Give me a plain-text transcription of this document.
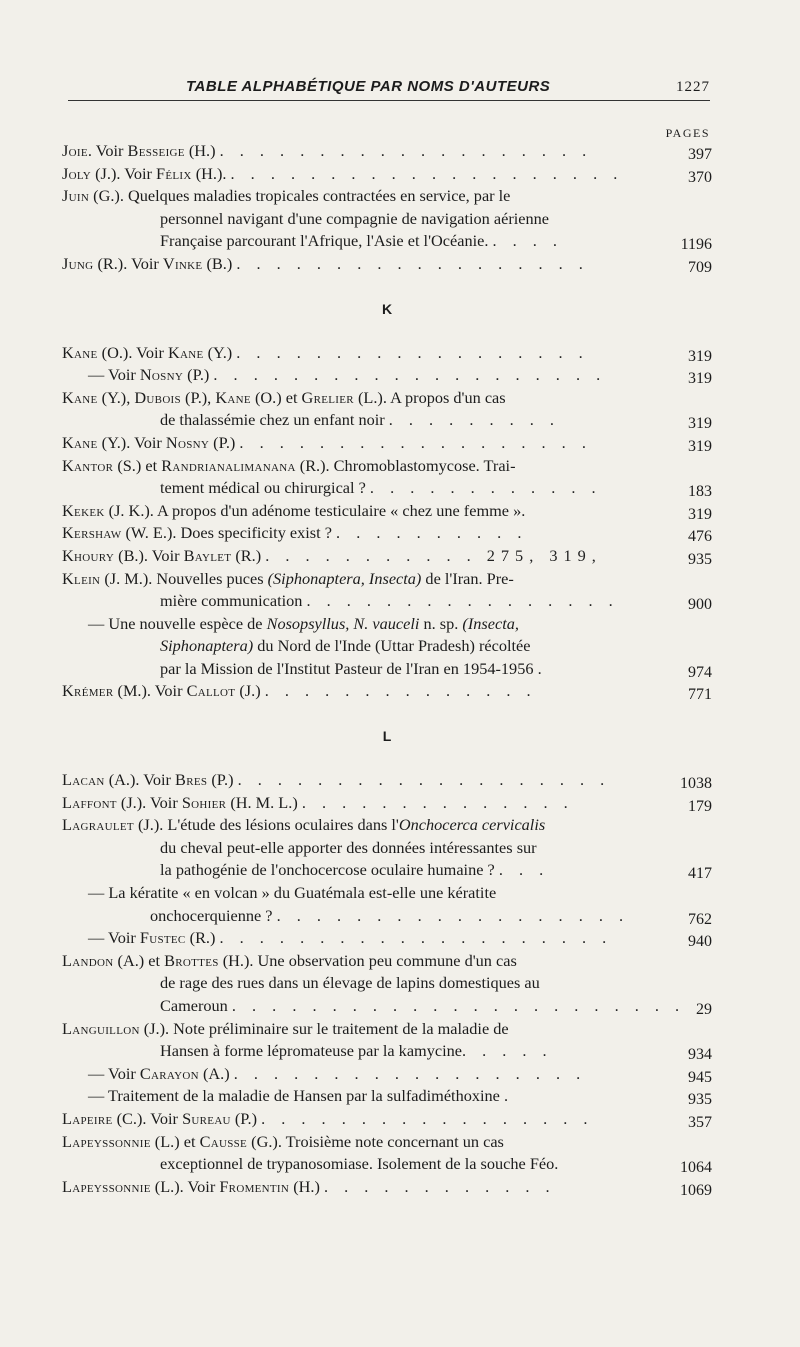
TABLE ALPHABÉTIQUE PAR NOMS D'AUTEURS	1227
PAGES
Joie. Voir Besseige (H.) . . . . . . . . . . . . . . . . . . .	397
Joly (J.). Voir Félix (H.). . . . . . . . . . . . . . . . . . . . .	370
Juin (G.). Quelques maladies tropicales contractées en service, par le
personnel navigant d'une compagnie de navigation aérienne
Française parcourant l'Afrique, l'Asie et l'Océanie. . . . .	1196
Jung (R.). Voir Vinke (B.) . . . . . . . . . . . . . . . . . .	709
K
Kane (O.). Voir Kane (Y.) . . . . . . . . . . . . . . . . . .	319
— Voir Nosny (P.) . . . . . . . . . . . . . . . . . . . .	319
Kane (Y.), Dubois (P.), Kane (O.) et Grelier (L.). A propos d'un cas
de thalassémie chez un enfant noir . . . . . . . . .	319
Kane (Y.). Voir Nosny (P.) . . . . . . . . . . . . . . . . . .	319
Kantor (S.) et Randrianalimanana (R.). Chromoblastomycose. Trai-
tement médical ou chirurgical ? . . . . . . . . . . . .	183
Kekek (J. K.). A propos d'un adénome testiculaire « chez une femme ».	319
Kershaw (W. E.). Does specificity exist ? . . . . . . . . . .	476
Khoury (B.). Voir Baylet (R.) . . . . . . . . . . . 275, 319,	935
Klein (J. M.). Nouvelles puces (Siphonaptera, Insecta) de l'Iran. Pre-
mière communication . . . . . . . . . . . . . . . .	900
— Une nouvelle espèce de Nosopsyllus, N. vauceli n. sp. (Insecta,
Siphonaptera) du Nord de l'Inde (Uttar Pradesh) récoltée
par la Mission de l'Institut Pasteur de l'Iran en 1954-1956 .	974
Krémer (M.). Voir Callot (J.) . . . . . . . . . . . . . .	771
L
Lacan (A.). Voir Bres (P.) . . . . . . . . . . . . . . . . . . .	1038
Laffont (J.). Voir Sohier (H. M. L.) . . . . . . . . . . . . . .	179
Lagraulet (J.). L'étude des lésions oculaires dans l'Onchocerca cervicalis
du cheval peut-elle apporter des données intéressantes sur
la pathogénie de l'onchocercose oculaire humaine ? . . .	417
— La kératite « en volcan » du Guatémala est-elle une kératite
onchocerquienne ? . . . . . . . . . . . . . . . . . .	762
— Voir Fustec (R.) . . . . . . . . . . . . . . . . . . . .	940
Landon (A.) et Brottes (H.). Une observation peu commune d'un cas
de rage des rues dans un élevage de lapins domestiques au
Cameroun . . . . . . . . . . . . . . . . . . . . . . . 29
Languillon (J.). Note préliminaire sur le traitement de la maladie de
Hansen à forme lépromateuse par la kamycine. . . . .	934
— Voir Carayon (A.) . . . . . . . . . . . . . . . . . .	945
— Traitement de la maladie de Hansen par la sulfadiméthoxine .	935
Lapeire (C.). Voir Sureau (P.) . . . . . . . . . . . . . . . . .	357
Lapeyssonnie (L.) et Causse (G.). Troisième note concernant un cas
exceptionnel de trypanosomiase. Isolement de la souche Féo.	1064
Lapeyssonnie (L.). Voir Fromentin (H.) . . . . . . . . . . . .	1069
